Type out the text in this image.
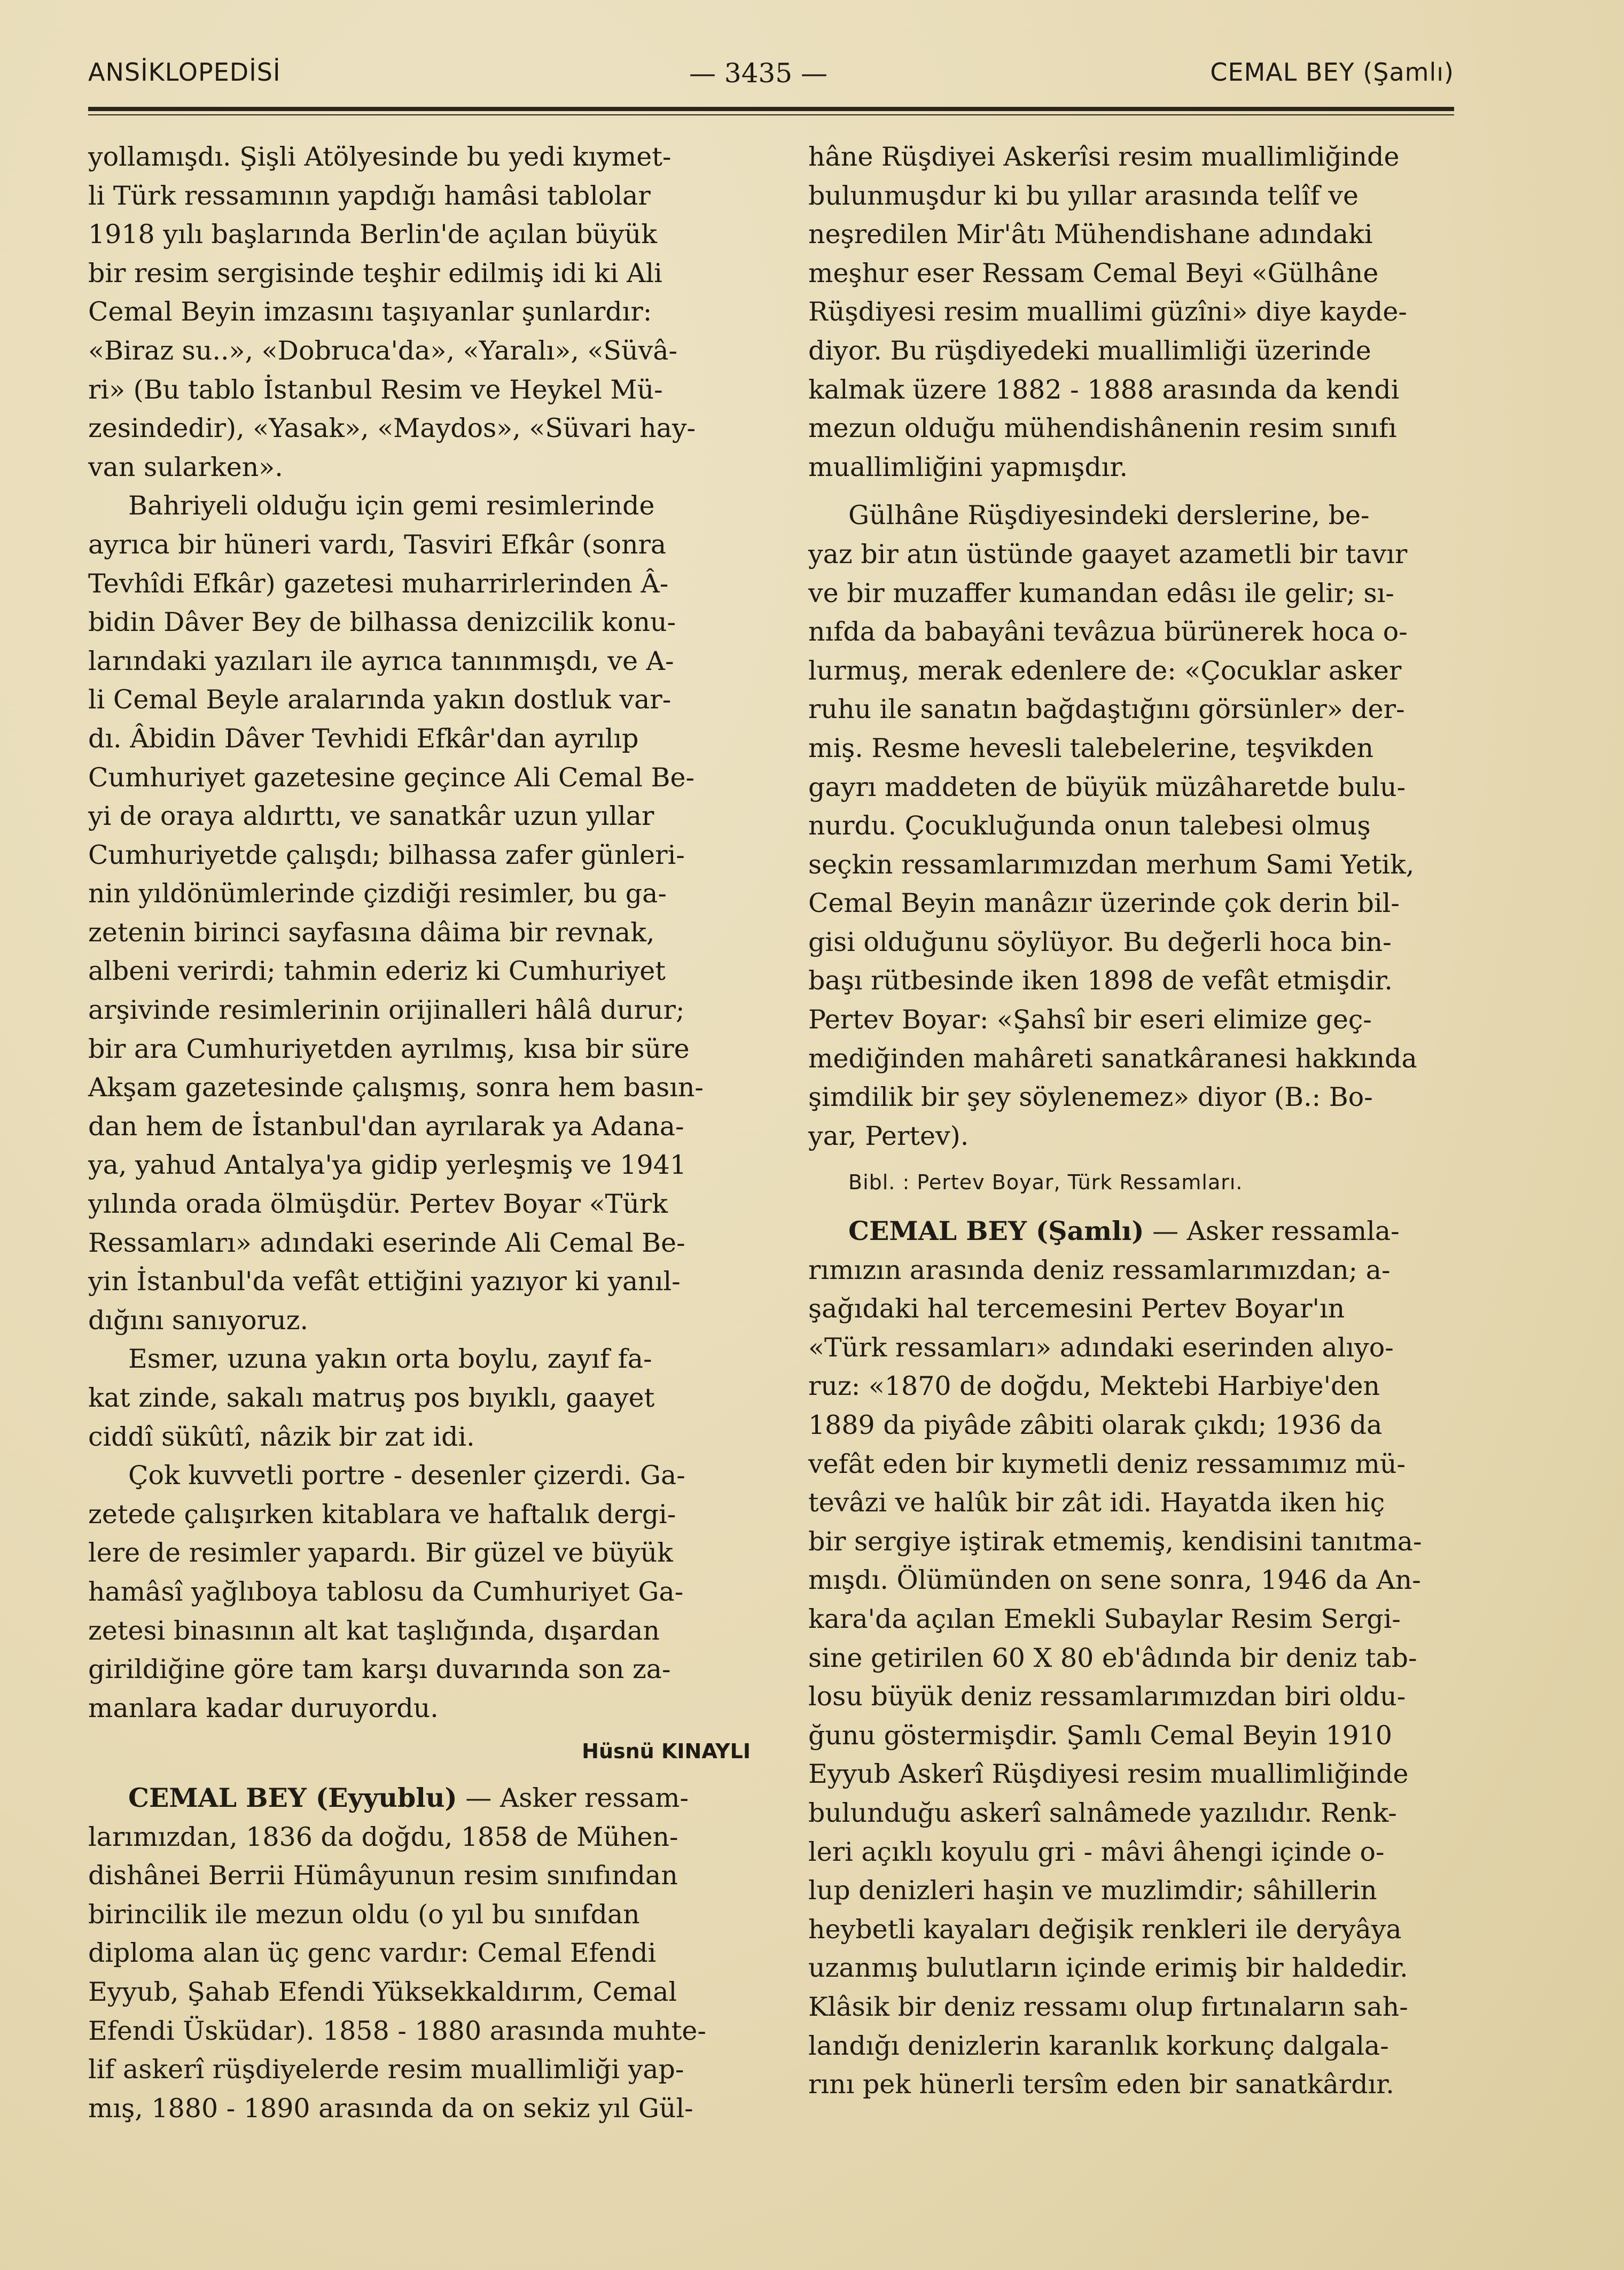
ANSİKLOPEDİSİ	— 3435 —	CEMAL BEY (Şamlı)

yollamışdı. Şişli Atölyesinde bu yedi kıymet-
li Türk ressamının yapdığı hamâsi tablolar
1918 yılı başlarında Berlin'de açılan büyük
bir resim sergisinde teşhir edilmiş idi ki Ali
Cemal Beyin imzasını taşıyanlar şunlardır:
«Biraz su..», «Dobruca'da», «Yaralı», «Süvâ-
ri» (Bu tablo İstanbul Resim ve Heykel Mü-
zesindedir), «Yasak», «Maydos», «Süvari hay-
van sularken».

Bahriyeli olduğu için gemi resimlerinde
ayrıca bir hüneri vardı, Tasviri Efkâr (sonra
Tevhîdi Efkâr) gazetesi muharrirlerinden Â-
bidin Dâver Bey de bilhassa denizcilik konu-
larındaki yazıları ile ayrıca tanınmışdı, ve A-
li Cemal Beyle aralarında yakın dostluk var-
dı. Âbidin Dâver Tevhidi Efkâr'dan ayrılıp
Cumhuriyet gazetesine geçince Ali Cemal Be-
yi de oraya aldırttı, ve sanatkâr uzun yıllar
Cumhuriyetde çalışdı; bilhassa zafer günleri-
nin yıldönümlerinde çizdiği resimler, bu ga-
zetenin birinci sayfasına dâima bir revnak,
albeni verirdi; tahmin ederiz ki Cumhuriyet
arşivinde resimlerinin orijinalleri hâlâ durur;
bir ara Cumhuriyetden ayrılmış, kısa bir süre
Akşam gazetesinde çalışmış, sonra hem basın-
dan hem de İstanbul'dan ayrılarak ya Adana-
ya, yahud Antalya'ya gidip yerleşmiş ve 1941
yılında orada ölmüşdür. Pertev Boyar «Türk
Ressamları» adındaki eserinde Ali Cemal Be-
yin İstanbul'da vefât ettiğini yazıyor ki yanıl-
dığını sanıyoruz.

Esmer, uzuna yakın orta boylu, zayıf fa-
kat zinde, sakalı matruş pos bıyıklı, gaayet
ciddî sükûtî, nâzik bir zat idi.

Çok kuvvetli portre - desenler çizerdi. Ga-
zetede çalışırken kitablara ve haftalık dergi-
lere de resimler yapardı. Bir güzel ve büyük
hamâsî yağlıboya tablosu da Cumhuriyet Ga-
zetesi binasının alt kat taşlığında, dışardan
girildiğine göre tam karşı duvarında son za-
manlara kadar duruyordu.

Hüsnü KINAYLI

CEMAL BEY (Eyyublu) — Asker ressam-
larımızdan, 1836 da doğdu, 1858 de Mühen-
dishânei Berrii Hümâyunun resim sınıfından
birincilik ile mezun oldu (o yıl bu sınıfdan
diploma alan üç genc vardır: Cemal Efendi
Eyyub, Şahab Efendi Yüksekkaldırım, Cemal
Efendi Üsküdar). 1858 - 1880 arasında muhte-
lif askerî rüşdiyelerde resim muallimliği yap-
mış, 1880 - 1890 arasında da on sekiz yıl Gül-

hâne Rüşdiyei Askerîsi resim muallimliğinde
bulunmuşdur ki bu yıllar arasında telîf ve
neşredilen Mir'âtı Mühendishane adındaki
meşhur eser Ressam Cemal Beyi «Gülhâne
Rüşdiyesi resim muallimi güzîni» diye kayde-
diyor. Bu rüşdiyedeki muallimliği üzerinde
kalmak üzere 1882 - 1888 arasında da kendi
mezun olduğu mühendishânenin resim sınıfı
muallimliğini yapmışdır.

Gülhâne Rüşdiyesindeki derslerine, be-
yaz bir atın üstünde gaayet azametli bir tavır
ve bir muzaffer kumandan edâsı ile gelir; sı-
nıfda da babayâni tevâzua bürünerek hoca o-
lurmuş, merak edenlere de: «Çocuklar asker
ruhu ile sanatın bağdaştığını görsünler» der-
miş. Resme hevesli talebelerine, teşvikden
gayrı maddeten de büyük müzâharetde bulu-
nurdu. Çocukluğunda onun talebesi olmuş
seçkin ressamlarımızdan merhum Sami Yetik,
Cemal Beyin manâzır üzerinde çok derin bil-
gisi olduğunu söylüyor. Bu değerli hoca bin-
başı rütbesinde iken 1898 de vefât etmişdir.
Pertev Boyar: «Şahsî bir eseri elimize geç-
mediğinden mahâreti sanatkâranesi hakkında
şimdilik bir şey söylenemez» diyor (B.: Bo-
yar, Pertev).

Bibl. : Pertev Boyar, Türk Ressamları.

CEMAL BEY (Şamlı) — Asker ressamla-
rımızın arasında deniz ressamlarımızdan; a-
şağıdaki hal tercemesini Pertev Boyar'ın
«Türk ressamları» adındaki eserinden alıyo-
ruz: «1870 de doğdu, Mektebi Harbiye'den
1889 da piyâde zâbiti olarak çıkdı; 1936 da
vefât eden bir kıymetli deniz ressamımız mü-
tevâzi ve halûk bir zât idi. Hayatda iken hiç
bir sergiye iştirak etmemiş, kendisini tanıtma-
mışdı. Ölümünden on sene sonra, 1946 da An-
kara'da açılan Emekli Subaylar Resim Sergi-
sine getirilen 60 X 80 eb'âdında bir deniz tab-
losu büyük deniz ressamlarımızdan biri oldu-
ğunu göstermişdir. Şamlı Cemal Beyin 1910
Eyyub Askerî Rüşdiyesi resim muallimliğinde
bulunduğu askerî salnâmede yazılıdır. Renk-
leri açıklı koyulu gri - mâvi âhengi içinde o-
lup denizleri haşin ve muzlimdir; sâhillerin
heybetli kayaları değişik renkleri ile deryâya
uzanmış bulutların içinde erimiş bir haldedir.
Klâsik bir deniz ressamı olup fırtınaların sah-
landığı denizlerin karanlık korkunç dalgala-
rını pek hünerli tersîm eden bir sanatkârdır.
